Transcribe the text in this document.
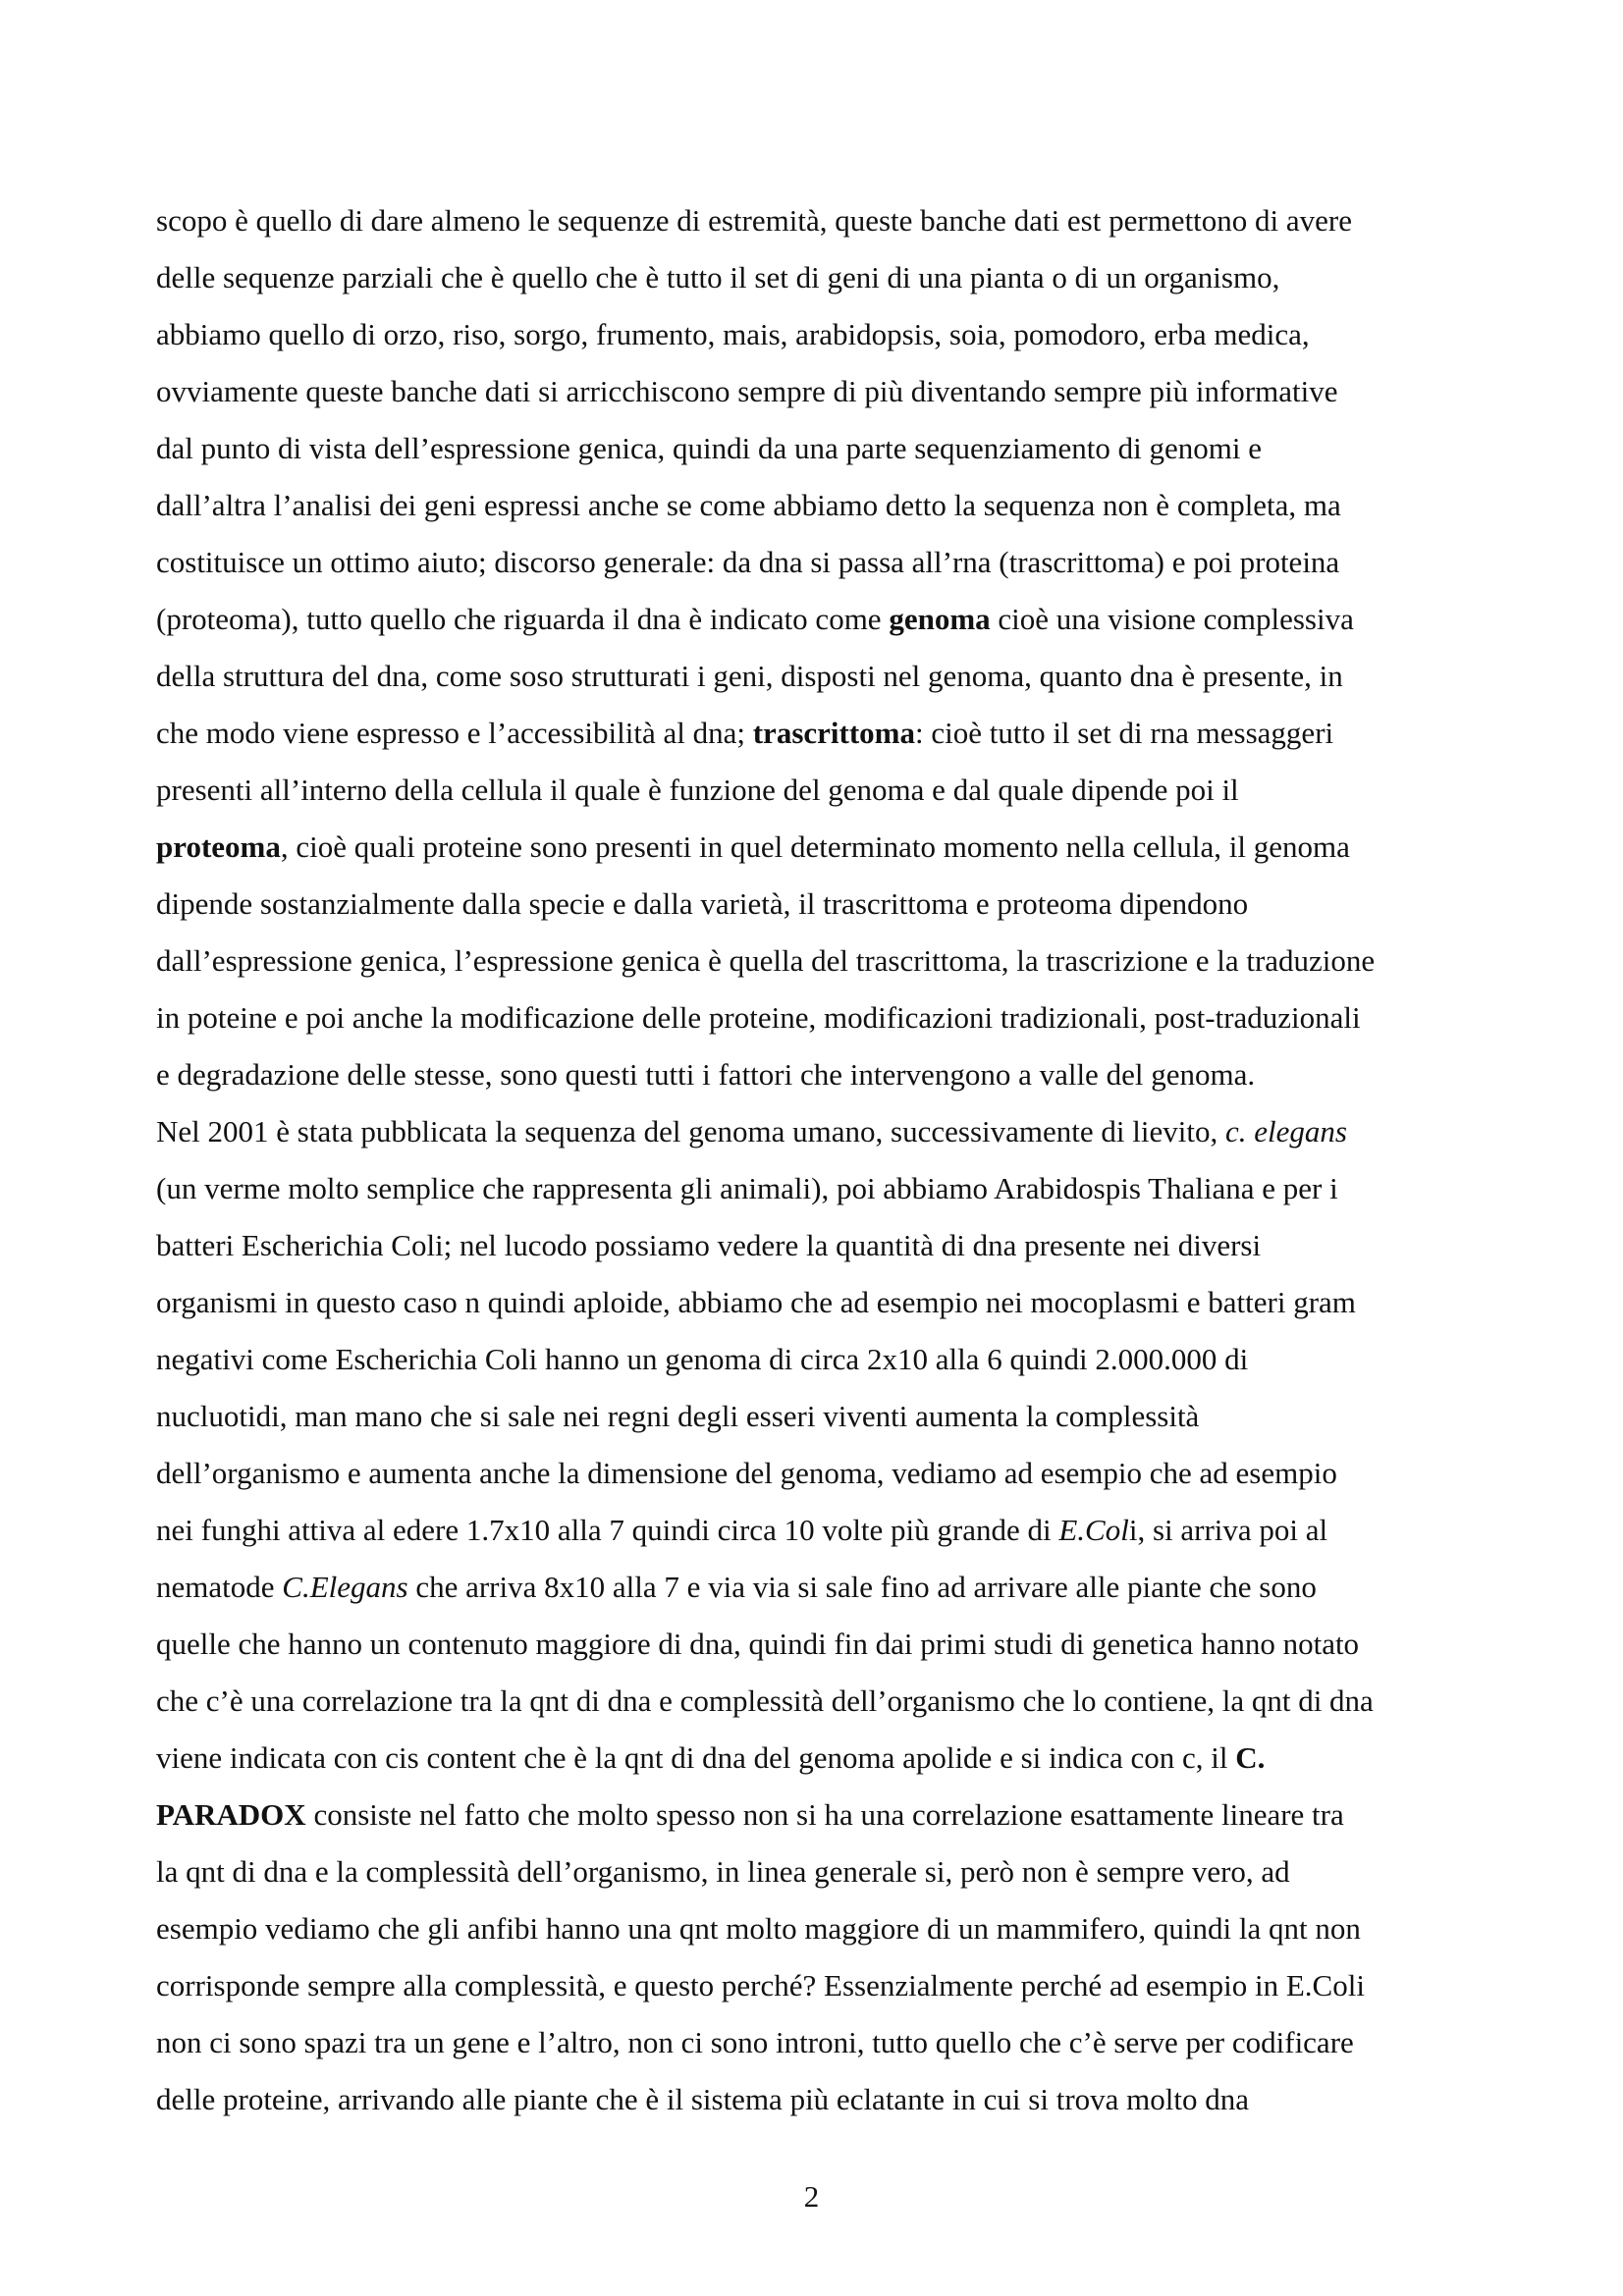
scopo è quello di dare almeno le sequenze di estremità, queste banche dati est permettono di avere
delle sequenze parziali che è quello che è tutto il set di geni di una pianta o di un organismo,
abbiamo quello di orzo, riso, sorgo, frumento, mais, arabidopsis, soia, pomodoro, erba medica,
ovviamente queste banche dati si arricchiscono sempre di più diventando sempre più informative
dal punto di vista dell’espressione genica, quindi da una parte sequenziamento di genomi e
dall’altra l’analisi dei geni espressi anche se come abbiamo detto la sequenza non è completa, ma
costituisce un ottimo aiuto; discorso generale: da dna si passa all’rna (trascrittoma) e poi proteina
(proteoma), tutto quello che riguarda il dna è indicato come genoma cioè una visione complessiva
della struttura del dna, come soso strutturati i geni, disposti nel genoma, quanto dna è presente, in
che modo viene espresso e l’accessibilità al dna; trascrittoma: cioè tutto il set di rna messaggeri
presenti all’interno della cellula il quale è funzione del genoma e dal quale dipende poi il
proteoma, cioè quali proteine sono presenti in quel determinato momento nella cellula, il genoma
dipende sostanzialmente dalla specie e dalla varietà, il trascrittoma e proteoma dipendono
dall’espressione genica, l’espressione genica è quella del trascrittoma, la trascrizione e la traduzione
in poteine e poi anche la modificazione delle proteine, modificazioni tradizionali, post-traduzionali
e degradazione delle stesse, sono questi tutti i fattori che intervengono a valle del genoma.
Nel 2001 è stata pubblicata la sequenza del genoma umano, successivamente di lievito, c. elegans
(un verme molto semplice che rappresenta gli animali), poi abbiamo Arabidospis Thaliana e per i
batteri Escherichia Coli; nel lucodo possiamo vedere la quantità di dna presente nei diversi
organismi in questo caso n quindi aploide, abbiamo che ad esempio nei mocoplasmi e batteri gram
negativi come Escherichia Coli hanno un genoma di circa 2x10 alla 6 quindi 2.000.000 di
nucluotidi, man mano che si sale nei regni degli esseri viventi aumenta la complessità
dell’organismo e aumenta anche la dimensione del genoma, vediamo ad esempio che ad esempio
nei funghi attiva al edere 1.7x10 alla 7 quindi circa 10 volte più grande di E.Coli, si arriva poi al
nematode C.Elegans che arriva 8x10 alla 7 e via via si sale fino ad arrivare alle piante che sono
quelle che hanno un contenuto maggiore di dna, quindi fin dai primi studi di genetica hanno notato
che c’è una correlazione tra la qnt di dna e complessità dell’organismo che lo contiene, la qnt di dna
viene indicata con cis content che è la qnt di dna del genoma apolide e si indica con c, il C.
PARADOX consiste nel fatto che molto spesso non si ha una correlazione esattamente lineare tra
la qnt di dna e la complessità dell’organismo, in linea generale si, però non è sempre vero, ad
esempio vediamo che gli anfibi hanno una qnt molto maggiore di un mammifero, quindi la qnt non
corrisponde sempre alla complessità, e questo perché? Essenzialmente perché ad esempio in E.Coli
non ci sono spazi tra un gene e l’altro, non ci sono introni, tutto quello che c’è serve per codificare
delle proteine, arrivando alle piante che è il sistema più eclatante in cui si trova molto dna
2
